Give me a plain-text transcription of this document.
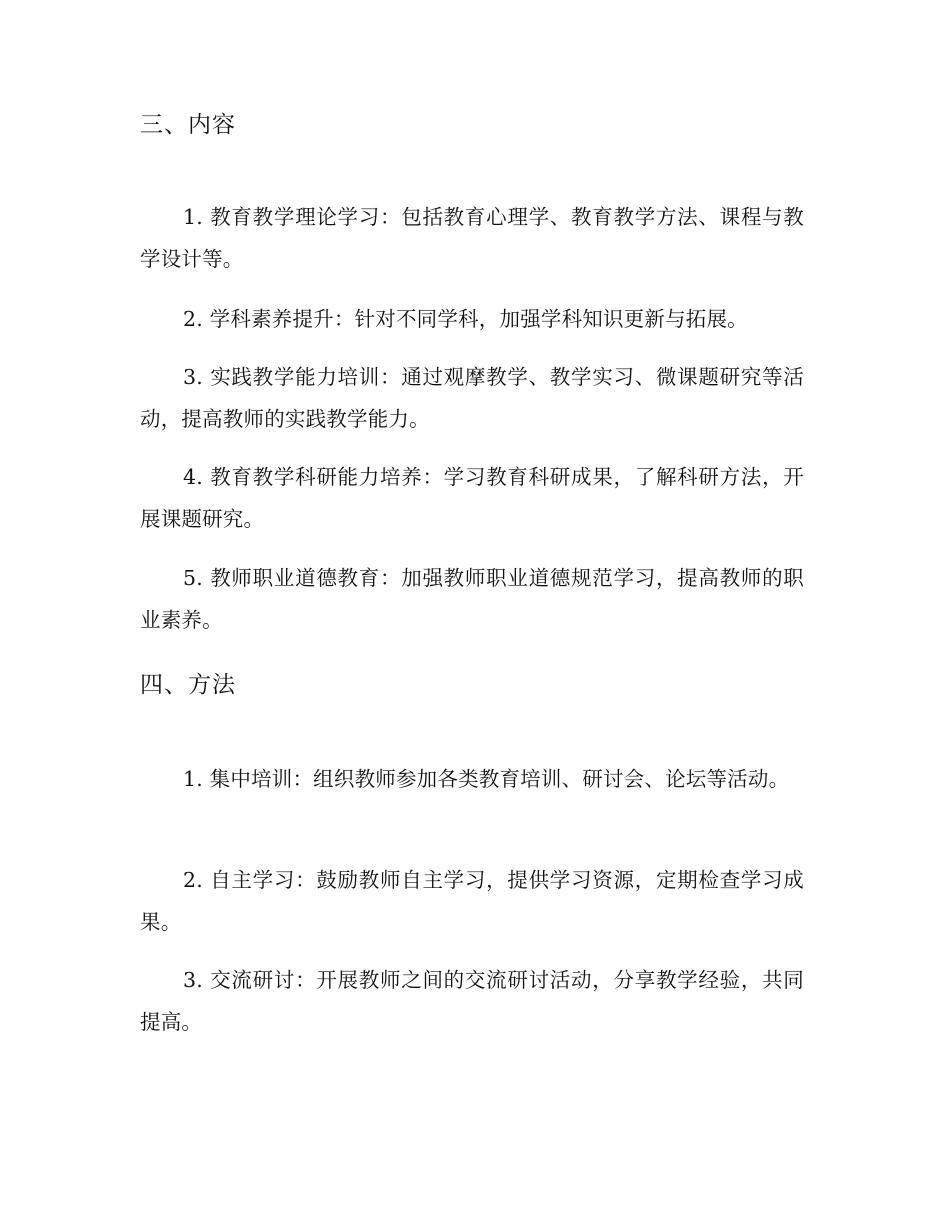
三、内容

1. 教育教学理论学习：包括教育心理学、教育教学方法、课程与教学设计等。

2. 学科素养提升：针对不同学科，加强学科知识更新与拓展。

3. 实践教学能力培训：通过观摩教学、教学实习、微课题研究等活动，提高教师的实践教学能力。

4. 教育教学科研能力培养：学习教育科研成果，了解科研方法，开展课题研究。

5. 教师职业道德教育：加强教师职业道德规范学习，提高教师的职业素养。

四、方法

1. 集中培训：组织教师参加各类教育培训、研讨会、论坛等活动。

2. 自主学习：鼓励教师自主学习，提供学习资源，定期检查学习成果。

3. 交流研讨：开展教师之间的交流研讨活动，分享教学经验，共同提高。
